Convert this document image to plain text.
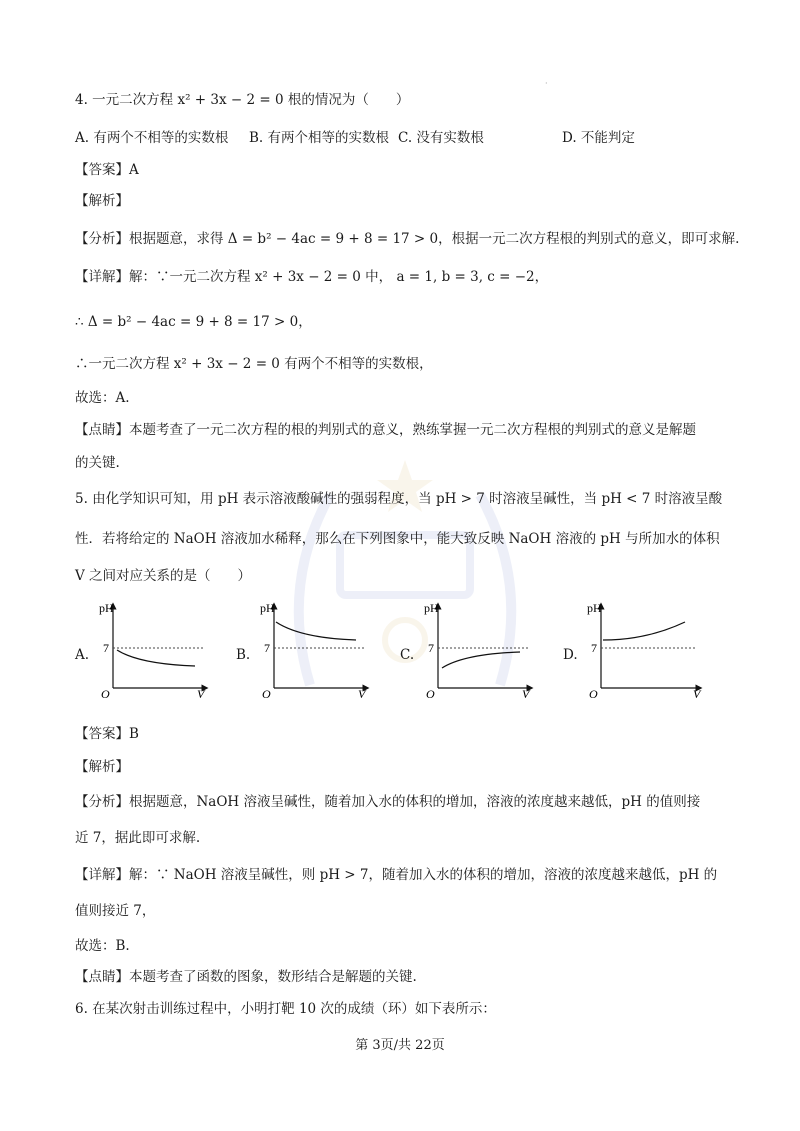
·
4. 一元二次方程 x² + 3x − 2 = 0 根的情况为（　　）
A. 有两个不相等的实数根 B. 有两个相等的实数根 C. 没有实数根	D. 不能判定
【答案】A
【解析】
【分析】根据题意，求得 Δ = b² − 4ac = 9 + 8 = 17 > 0，根据一元二次方程根的判别式的意义，即可求解.
【详解】解：∵一元二次方程 x² + 3x − 2 = 0 中， a = 1, b = 3, c = −2，
∴ Δ = b² − 4ac = 9 + 8 = 17 > 0，
∴一元二次方程 x² + 3x − 2 = 0 有两个不相等的实数根，
故选：A.
【点睛】本题考查了一元二次方程的根的判别式的意义，熟练掌握一元二次方程根的判别式的意义是解题
的关键.
5. 由化学知识可知，用 pH 表示溶液酸碱性的强弱程度，当 pH > 7 时溶液呈碱性，当 pH < 7 时溶液呈酸
性．若将给定的 NaOH 溶液加水稀释，那么在下列图象中，能大致反映 NaOH 溶液的 pH 与所加水的体积
V 之间对应关系的是（　　）
A.
pH
7
O	V
B.
pH
7
O	V
C.
pH
7
O	V
D.
pH
7
O	V
【答案】B
【解析】
【分析】根据题意，NaOH 溶液呈碱性，随着加入水的体积的增加，溶液的浓度越来越低，pH 的值则接
近 7，据此即可求解.
【详解】解：∵ NaOH 溶液呈碱性，则 pH > 7，随着加入水的体积的增加，溶液的浓度越来越低，pH 的
值则接近 7，
故选：B.
【点睛】本题考查了函数的图象，数形结合是解题的关键.
6. 在某次射击训练过程中，小明打靶 10 次的成绩（环）如下表所示：
第 3页/共 22页
